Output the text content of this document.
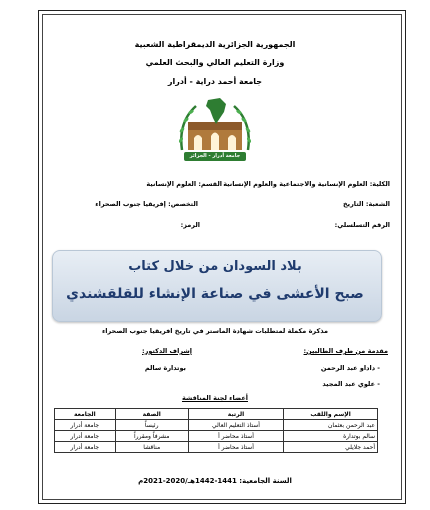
الجمهورية الجزائرية الديمقراطية الشعبية
وزارة التعليم العالي والبحث العلمي
جامعة أحمد دراية - أدرار
جامعة أدرار - الجزائر
الكلية: العلوم الإنسانية والاجتماعية والعلوم الإنسانية
القسم: العلوم الإنسانية
الشعبة: التاريخ
التخصص: إفريقيا جنوب الصحراء
الرقم التسلسلي:
الرمز:
بلاد السودان من خلال كتاب
صبح الأعشى في صناعة الإنشاء للقلقشندي
مذكرة مكملة لمتطلبات شهادة الماستر في تاريخ افريقيا جنوب الصحراء
مقدمة من طرف الطالبين:
- داداو عبد الرحمن
- علوي عبد المجيد
إشراف الدكتور:
بوتدارة سالم
أعضاء لجنة المناقشة
الإسم واللقب	الرتبة	الصفة	الجامعة
عبد الرحمن بعثمان	أستاذ التعليم العالي	رئيساً	جامعة أدرار
سالم بوتدارة	أستاذ محاضر أ	مشرفاً ومقرراً	جامعة أدرار
أحمد جلايلي	أستاذ محاضر أ	مناقشا	جامعة أدرار
السنة الجامعية: 1441-1442هـ/2020-2021م
